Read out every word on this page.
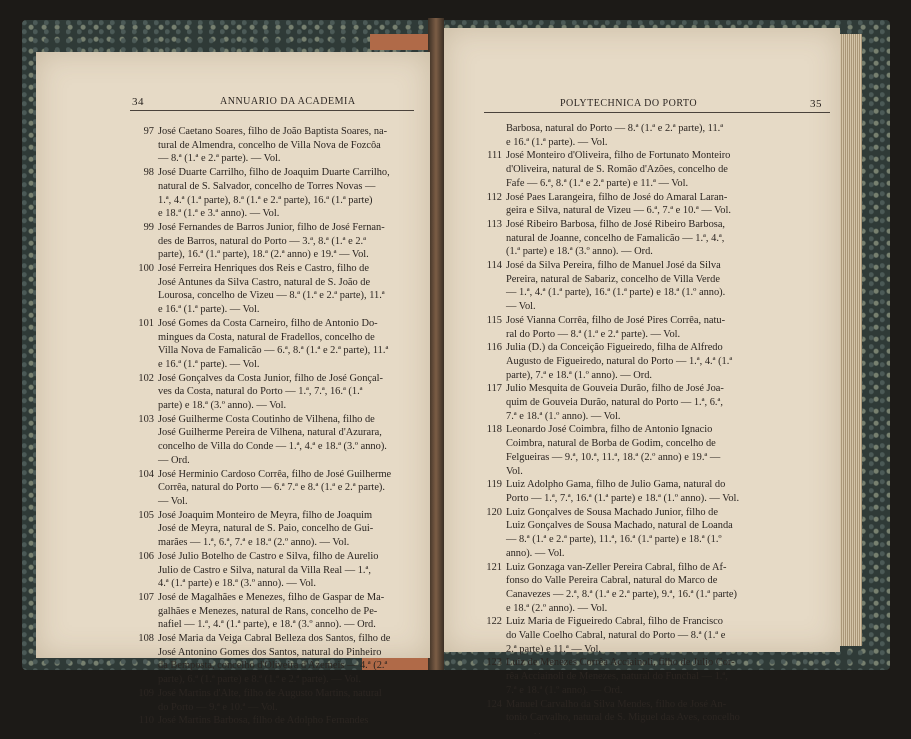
34	ANNUARIO DA ACADEMIA
97 José Caetano Soares, filho de João Baptista Soares, na-
tural de Almendra, concelho de Villa Nova de Fozcôa
— 8.ª (1.ª e 2.ª parte). — Vol.
98 José Duarte Carrilho, filho de Joaquim Duarte Carrilho,
natural de S. Salvador, concelho de Torres Novas —
1.ª, 4.ª (1.ª parte), 8.ª (1.ª e 2.ª parte), 16.ª (1.ª parte)
e 18.ª (1.ª e 3.ª anno). — Vol.
99 José Fernandes de Barros Junior, filho de José Fernan-
des de Barros, natural do Porto — 3.ª, 8.ª (1.ª e 2.ª
parte), 16.ª (1.ª parte), 18.ª (2.ª anno) e 19.ª — Vol.
100 José Ferreira Henriques dos Reis e Castro, filho de
José Antunes da Silva Castro, natural de S. João de
Lourosa, concelho de Vizeu — 8.ª (1.ª e 2.ª parte), 11.ª
e 16.ª (1.ª parte). — Vol.
101 José Gomes da Costa Carneiro, filho de Antonio Do-
mingues da Costa, natural de Fradellos, concelho de
Villa Nova de Famalicão — 6.ª, 8.ª (1.ª e 2.ª parte), 11.ª
e 16.ª (1.ª parte). — Vol.
102 José Gonçalves da Costa Junior, filho de José Gonçal-
ves da Costa, natural do Porto — 1.ª, 7.ª, 16.ª (1.ª
parte) e 18.ª (3.º anno). — Vol.
103 José Guilherme Costa Coutinho de Vilhena, filho de
José Guilherme Pereira de Vilhena, natural d'Azurara,
concelho de Villa do Conde — 1.ª, 4.ª e 18.ª (3.º anno).
— Ord.
104 José Herminio Cardoso Corrêa, filho de José Guilherme
Corrêa, natural do Porto — 6.ª 7.ª e 8.ª (1.ª e 2.ª parte).
— Vol.
105 José Joaquim Monteiro de Meyra, filho de Joaquim
José de Meyra, natural de S. Paio, concelho de Gui-
marães — 1.ª, 6.ª, 7.ª e 18.ª (2.º anno). — Vol.
106 José Julio Botelho de Castro e Silva, filho de Aurelio
Julio de Castro e Silva, natural da Villa Real — 1.ª,
4.ª (1.ª parte) e 18.ª (3.º anno). — Vol.
107 José de Magalhães e Menezes, filho de Gaspar de Ma-
galhães e Menezes, natural de Rans, concelho de Pe-
nafiel — 1.ª, 4.ª (1.ª parte), e 18.ª (3.º anno). — Ord.
108 José Maria da Veiga Cabral Belleza dos Santos, filho de
José Antonino Gomes dos Santos, natural do Pinheiro
da Bemposta, concelho d'Oliveira d'Azemeis — 4.ª (2.ª
parte), 6.ª (1.ª parte) e 8.ª (1.ª e 2.ª parte). — Vol.
109 José Martins d'Alte, filho de Augusto Martins, natural
do Porto — 9.ª e 10.ª — Vol.
110 José Martins Barbosa, filho de Adolpho Fernandes
POLYTECHNICA DO PORTO	35
Barbosa, natural do Porto — 8.ª (1.ª e 2.ª parte), 11.ª
e 16.ª (1.ª parte). — Vol.
111 José Monteiro d'Oliveira, filho de Fortunato Monteiro
d'Oliveira, natural de S. Romão d'Azões, concelho de
Fafe — 6.ª, 8.ª (1.ª e 2.ª parte) e 11.ª — Vol.
112 José Paes Larangeira, filho de José do Amaral Laran-
geira e Silva, natural de Vizeu — 6.ª, 7.ª e 10.ª — Vol.
113 José Ribeiro Barbosa, filho de José Ribeiro Barbosa,
natural de Joanne, concelho de Famalicão — 1.ª, 4.ª,
(1.ª parte) e 18.ª (3.º anno). — Ord.
114 José da Silva Pereira, filho de Manuel José da Silva
Pereira, natural de Sabariz, concelho de Villa Verde
— 1.ª, 4.ª (1.ª parte), 16.ª (1.ª parte) e 18.ª (1.º anno).
— Vol.
115 José Vianna Corrêa, filho de José Pires Corrêa, natu-
ral do Porto — 8.ª (1.ª e 2.ª parte). — Vol.
116 Julia (D.) da Conceição Figueiredo, filha de Alfredo
Augusto de Figueiredo, natural do Porto — 1.ª, 4.ª (1.ª
parte), 7.ª e 18.ª (1.º anno). — Ord.
117 Julio Mesquita de Gouveia Durão, filho de José Joa-
quim de Gouveia Durão, natural do Porto — 1.ª, 6.ª,
7.ª e 18.ª (1.º anno). — Vol.
118 Leonardo José Coimbra, filho de Antonio Ignacio
Coimbra, natural de Borba de Godim, concelho de
Felgueiras — 9.ª, 10.ª, 11.ª, 18.ª (2.º anno) e 19.ª —
Vol.
119 Luiz Adolpho Gama, filho de Julio Gama, natural do
Porto — 1.ª, 7.ª, 16.ª (1.ª parte) e 18.ª (1.º anno). — Vol.
120 Luiz Gonçalves de Sousa Machado Junior, filho de
Luiz Gonçalves de Sousa Machado, natural de Loanda
— 8.ª (1.ª e 2.ª parte), 11.ª, 16.ª (1.ª parte) e 18.ª (1.º
anno). — Vol.
121 Luiz Gonzaga van-Zeller Pereira Cabral, filho de Af-
fonso do Valle Pereira Cabral, natural do Marco de
Canavezes — 2.ª, 8.ª (1.ª e 2.ª parte), 9.ª, 16.ª (1.ª parte)
e 18.ª (2.º anno). — Vol.
122 Luiz Maria de Figueiredo Cabral, filho de Francisco
do Valle Coelho Cabral, natural do Porto — 8.ª (1.ª e
2.ª parte) e 11.ª — Vol.
123 Luiz de Menezes Corrêa Acciainoli, filho de Julio Cor-
rêa Acciainoli de Menezes, natural do Funchal — 1.ª,
7.ª e 18.ª (1.º anno). — Ord.
124 Manuel Carvalho da Silva Mendes, filho de José An-
tonio Carvalho, natural de S. Miguel das Aves, concelho
. .
